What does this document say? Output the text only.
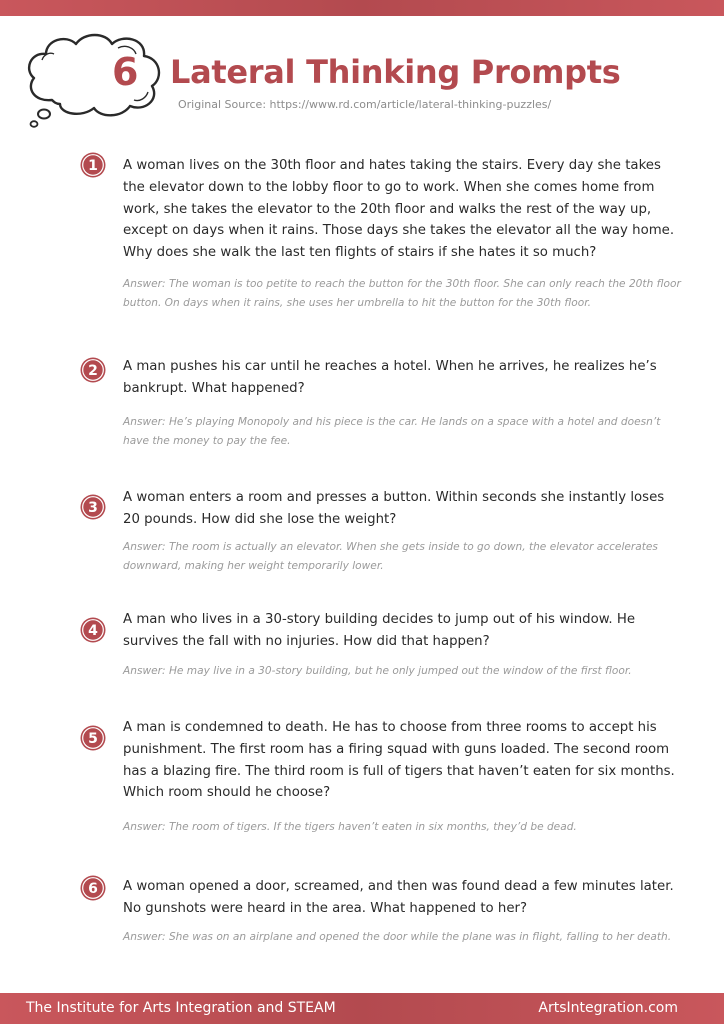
6 Lateral Thinking Prompts
Original Source: https://www.rd.com/article/lateral-thinking-puzzles/
1 A woman lives on the 30th floor and hates taking the stairs. Every day she takes the elevator down to the lobby floor to go to work. When she comes home from work, she takes the elevator to the 20th floor and walks the rest of the way up, except on days when it rains. Those days she takes the elevator all the way home. Why does she walk the last ten flights of stairs if she hates it so much?
Answer: The woman is too petite to reach the button for the 30th floor. She can only reach the 20th floor button. On days when it rains, she uses her umbrella to hit the button for the 30th floor.
2 A man pushes his car until he reaches a hotel. When he arrives, he realizes he’s bankrupt. What happened?
Answer: He’s playing Monopoly and his piece is the car. He lands on a space with a hotel and doesn’t have the money to pay the fee.
3
A woman enters a room and presses a button. Within seconds she instantly loses 20 pounds. How did she lose the weight?
Answer: The room is actually an elevator. When she gets inside to go down, the elevator accelerates downward, making her weight temporarily lower.
4
A man who lives in a 30-story building decides to jump out of his window. He survives the fall with no injuries. How did that happen?
Answer: He may live in a 30-story building, but he only jumped out the window of the first floor.
5
A man is condemned to death. He has to choose from three rooms to accept his punishment. The first room has a firing squad with guns loaded. The second room has a blazing fire. The third room is full of tigers that haven’t eaten for six months. Which room should he choose?
Answer: The room of tigers. If the tigers haven’t eaten in six months, they’d be dead.
6 A woman opened a door, screamed, and then was found dead a few minutes later. No gunshots were heard in the area. What happened to her?
Answer: She was on an airplane and opened the door while the plane was in flight, falling to her death.
The Institute for Arts Integration and STEAM	ArtsIntegration.com
